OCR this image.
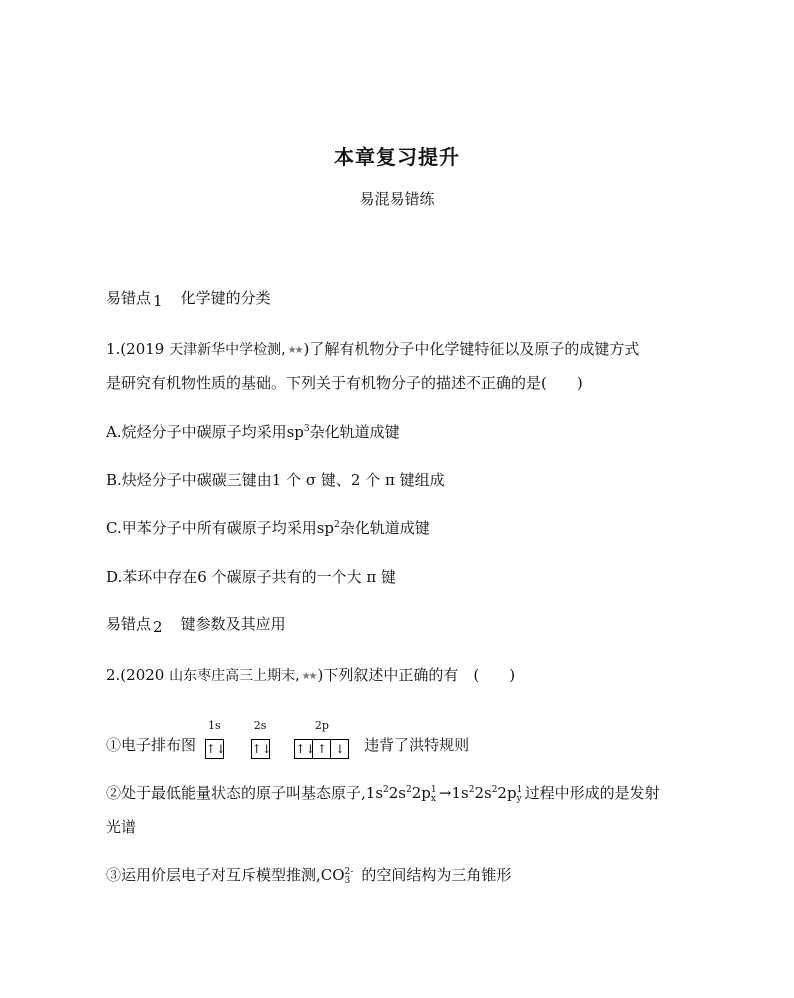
本章复习提升
易混易错练
易错点 1 化学键的分类
1.(2019 天津新华中学检测, ★★ )了解有机物分子中化学键特征以及原子的成键方式
是研究有机物性质的基础。下列关于有机物分子的描述不正确的是(　　)
A.烷烃分子中碳原子均采用$sp^3$杂化轨道成键
B.炔烃分子中碳碳三键由1 个 σ 键、2 个 π 键组成
C.甲苯分子中所有碳原子均采用$sp^2$杂化轨道成键
D.苯环中存在6 个碳原子共有的一个大 π 键
易错点 2 键参数及其应用
2.(2020 山东枣庄高三上期末, ★★ )下列叙述中正确的有　(　　)
①电子排布图
1s
↑↓
2s
↑↓
2p
↑↓↑ ↓ 违背了洪特规则
②处于最低能量状态的原子叫基态原子$,1s^22s^22p$ 1
$x \to 1s^22s^22p$ 1
y 过程中形成的是发射
光谱
③运用价层电子对互斥模型推测,CO 2-
3 的空间结构为三角锥形
